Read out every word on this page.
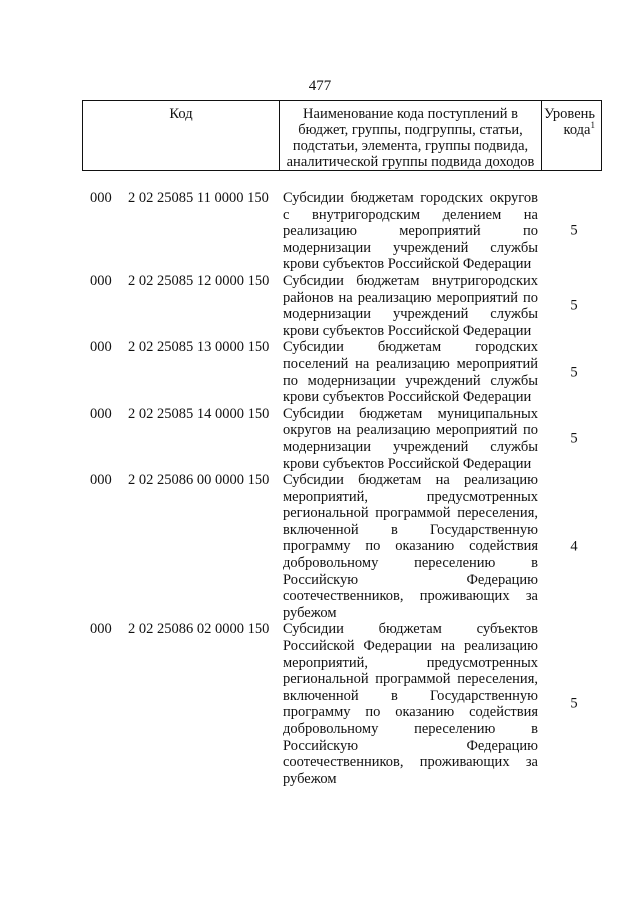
477
Код	Наименование кода поступлений в бюджет, группы, подгруппы, статьи, подстатьи, элемента, группы подвида, аналитической группы подвида доходов
Уровень кода$^1$
000 2 02 25085 11 0000 150 Субсидии бюджетам городских округов с внутригородским делением на реализацию мероприятий по модернизации учреждений службы крови субъектов Российской Федерации
5
000 2 02 25085 12 0000 150 Субсидии бюджетам внутригородских районов на реализацию мероприятий по модернизации учреждений службы крови субъектов Российской Федерации
5
000 2 02 25085 13 0000 150 Субсидии бюджетам городских поселений на реализацию мероприятий по модернизации учреждений службы крови субъектов Российской Федерации
5
000 2 02 25085 14 0000 150 Субсидии бюджетам муниципальных округов на реализацию мероприятий по модернизации учреждений службы крови субъектов Российской Федерации
5
000 2 02 25086 00 0000 150 Субсидии бюджетам на реализацию мероприятий, предусмотренных региональной программой переселения, включенной в Государственную программу по оказанию содействия добровольному переселению в Российскую Федерацию соотечественников, проживающих за рубежом
4
000 2 02 25086 02 0000 150 Субсидии бюджетам субъектов Российской Федерации на реализацию мероприятий, предусмотренных региональной программой переселения, включенной в Государственную программу по оказанию содействия добровольному переселению в Российскую Федерацию соотечественников, проживающих за рубежом
5
